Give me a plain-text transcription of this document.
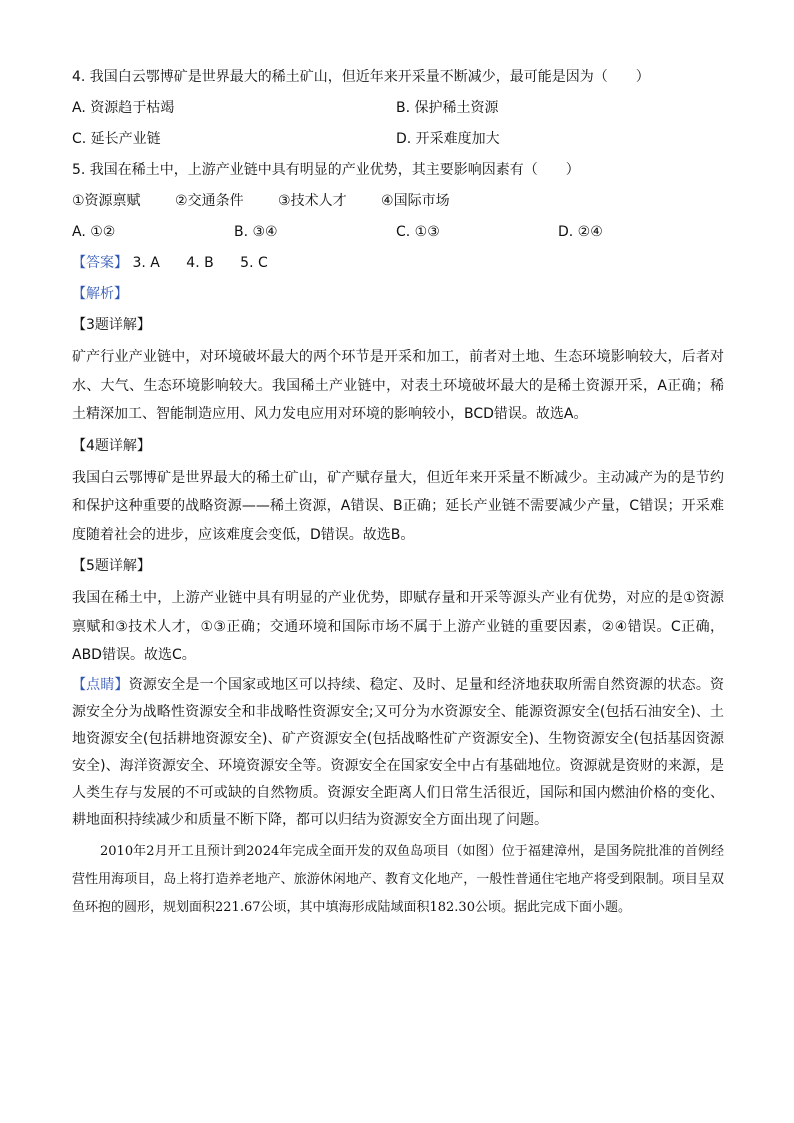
4. 我国白云鄂博矿是世界最大的稀土矿山，但近年来开采量不断减少，最可能是因为（　　）
A. 资源趋于枯竭	B. 保护稀土资源
C. 延长产业链	D. 开采难度加大
5. 我国在稀土中，上游产业链中具有明显的产业优势，其主要影响因素有（　　）
①资源禀赋 ②交通条件 ③技术人才 ④国际市场
A. ①②	B. ③④	C. ①③	D. ②④
【答案】 3. A 4. B 5. C
【解析】
【3题详解】
矿产行业产业链中，对环境破坏最大的两个环节是开采和加工，前者对土地、生态环境影响较大，后者对水、大气、生态环境影响较大。我国稀土产业链中，对表土环境破坏最大的是稀土资源开采，A正确；稀土精深加工、智能制造应用、风力发电应用对环境的影响较小，BCD错误。故选A。
【4题详解】
我国白云鄂博矿是世界最大的稀土矿山，矿产赋存量大，但近年来开采量不断减少。主动减产为的是节约和保护这种重要的战略资源——稀土资源，A错误、B正确；延长产业链不需要减少产量，C错误；开采难度随着社会的进步，应该难度会变低，D错误。故选B。
【5题详解】
我国在稀土中，上游产业链中具有明显的产业优势，即赋存量和开采等源头产业有优势，对应的是①资源禀赋和③技术人才，①③正确；交通环境和国际市场不属于上游产业链的重要因素，②④错误。C正确，ABD错误。故选C。
【点睛】资源安全是一个国家或地区可以持续、稳定、及时、足量和经济地获取所需自然资源的状态。资源安全分为战略性资源安全和非战略性资源安全;又可分为水资源安全、能源资源安全(包括石油安全)、土地资源安全(包括耕地资源安全)、矿产资源安全(包括战略性矿产资源安全)、生物资源安全(包括基因资源安全)、海洋资源安全、环境资源安全等。资源安全在国家安全中占有基础地位。资源就是资财的来源，是人类生存与发展的不可或缺的自然物质。资源安全距离人们日常生活很近，国际和国内燃油价格的变化、耕地面积持续减少和质量不断下降，都可以归结为资源安全方面出现了问题。
2010年2月开工且预计到2024年完成全面开发的双鱼岛项目（如图）位于福建漳州，是国务院批准的首例经营性用海项目，岛上将打造养老地产、旅游休闲地产、教育文化地产，一般性普通住宅地产将受到限制。项目呈双鱼环抱的圆形，规划面积221.67公顷，其中填海形成陆域面积182.30公顷。据此完成下面小题。
